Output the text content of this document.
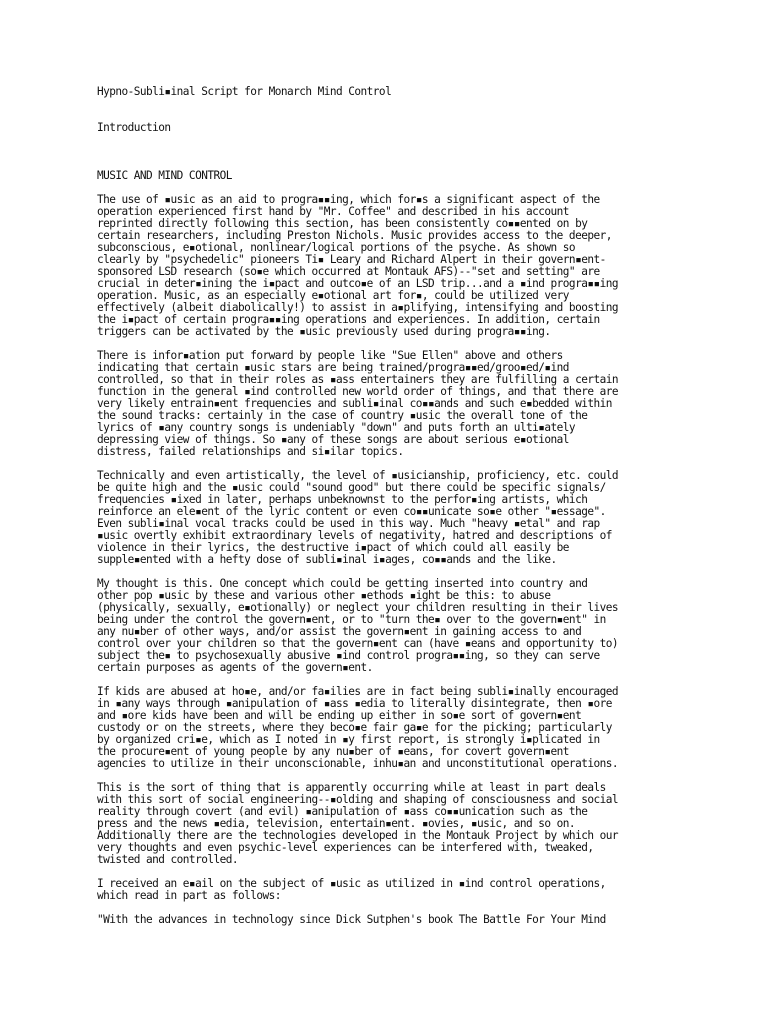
Hypno-Subli▪inal Script for Monarch Mind Control
Introduction
MUSIC AND MIND CONTROL
The use of ▪usic as an aid to progra▪▪ing, which for▪s a significant aspect of the
operation experienced first hand by "Mr. Coffee" and described in his account
reprinted directly following this section, has been consistently co▪▪ented on by
certain researchers, including Preston Nichols. Music provides access to the deeper,
subconscious, e▪otional, nonlinear/logical portions of the psyche. As shown so
clearly by "psychedelic" pioneers Ti▪ Leary and Richard Alpert in their govern▪ent-
sponsored LSD research (so▪e which occurred at Montauk AFS)--"set and setting" are
crucial in deter▪ining the i▪pact and outco▪e of an LSD trip...and a ▪ind progra▪▪ing
operation. Music, as an especially e▪otional art for▪, could be utilized very
effectively (albeit diabolically!) to assist in a▪plifying, intensifying and boosting
the i▪pact of certain progra▪▪ing operations and experiences. In addition, certain
triggers can be activated by the ▪usic previously used during progra▪▪ing.
There is infor▪ation put forward by people like "Sue Ellen" above and others
indicating that certain ▪usic stars are being trained/progra▪▪ed/groo▪ed/▪ind
controlled, so that in their roles as ▪ass entertainers they are fulfilling a certain
function in the general ▪ind controlled new world order of things, and that there are
very likely entrain▪ent frequencies and subli▪inal co▪▪ands and such e▪bedded within
the sound tracks: certainly in the case of country ▪usic the overall tone of the
lyrics of ▪any country songs is undeniably "down" and puts forth an ulti▪ately
depressing view of things. So ▪any of these songs are about serious e▪otional
distress, failed relationships and si▪ilar topics.
Technically and even artistically, the level of ▪usicianship, proficiency, etc. could
be quite high and the ▪usic could "sound good" but there could be specific signals/
frequencies ▪ixed in later, perhaps unbeknownst to the perfor▪ing artists, which
reinforce an ele▪ent of the lyric content or even co▪▪unicate so▪e other "▪essage".
Even subli▪inal vocal tracks could be used in this way. Much "heavy ▪etal" and rap
▪usic overtly exhibit extraordinary levels of negativity, hatred and descriptions of
violence in their lyrics, the destructive i▪pact of which could all easily be
supple▪ented with a hefty dose of subli▪inal i▪ages, co▪▪ands and the like.
My thought is this. One concept which could be getting inserted into country and
other pop ▪usic by these and various other ▪ethods ▪ight be this: to abuse
(physically, sexually, e▪otionally) or neglect your children resulting in their lives
being under the control the govern▪ent, or to "turn the▪ over to the govern▪ent" in
any nu▪ber of other ways, and/or assist the govern▪ent in gaining access to and
control over your children so that the govern▪ent can (have ▪eans and opportunity to)
subject the▪ to psychosexually abusive ▪ind control progra▪▪ing, so they can serve
certain purposes as agents of the govern▪ent.
If kids are abused at ho▪e, and/or fa▪ilies are in fact being subli▪inally encouraged
in ▪any ways through ▪anipulation of ▪ass ▪edia to literally disintegrate, then ▪ore
and ▪ore kids have been and will be ending up either in so▪e sort of govern▪ent
custody or on the streets, where they beco▪e fair ga▪e for the picking; particularly
by organized cri▪e, which as I noted in ▪y first report, is strongly i▪plicated in
the procure▪ent of young people by any nu▪ber of ▪eans, for covert govern▪ent
agencies to utilize in their unconscionable, inhu▪an and unconstitutional operations.
This is the sort of thing that is apparently occurring while at least in part deals
with this sort of social engineering--▪olding and shaping of consciousness and social
reality through covert (and evil) ▪anipulation of ▪ass co▪▪unication such as the
press and the news ▪edia, television, entertain▪ent. ▪ovies, ▪usic, and so on.
Additionally there are the technologies developed in the Montauk Project by which our
very thoughts and even psychic-level experiences can be interfered with, tweaked,
twisted and controlled.
I received an e▪ail on the subject of ▪usic as utilized in ▪ind control operations,
which read in part as follows:
"With the advances in technology since Dick Sutphen's book The Battle For Your Mind
